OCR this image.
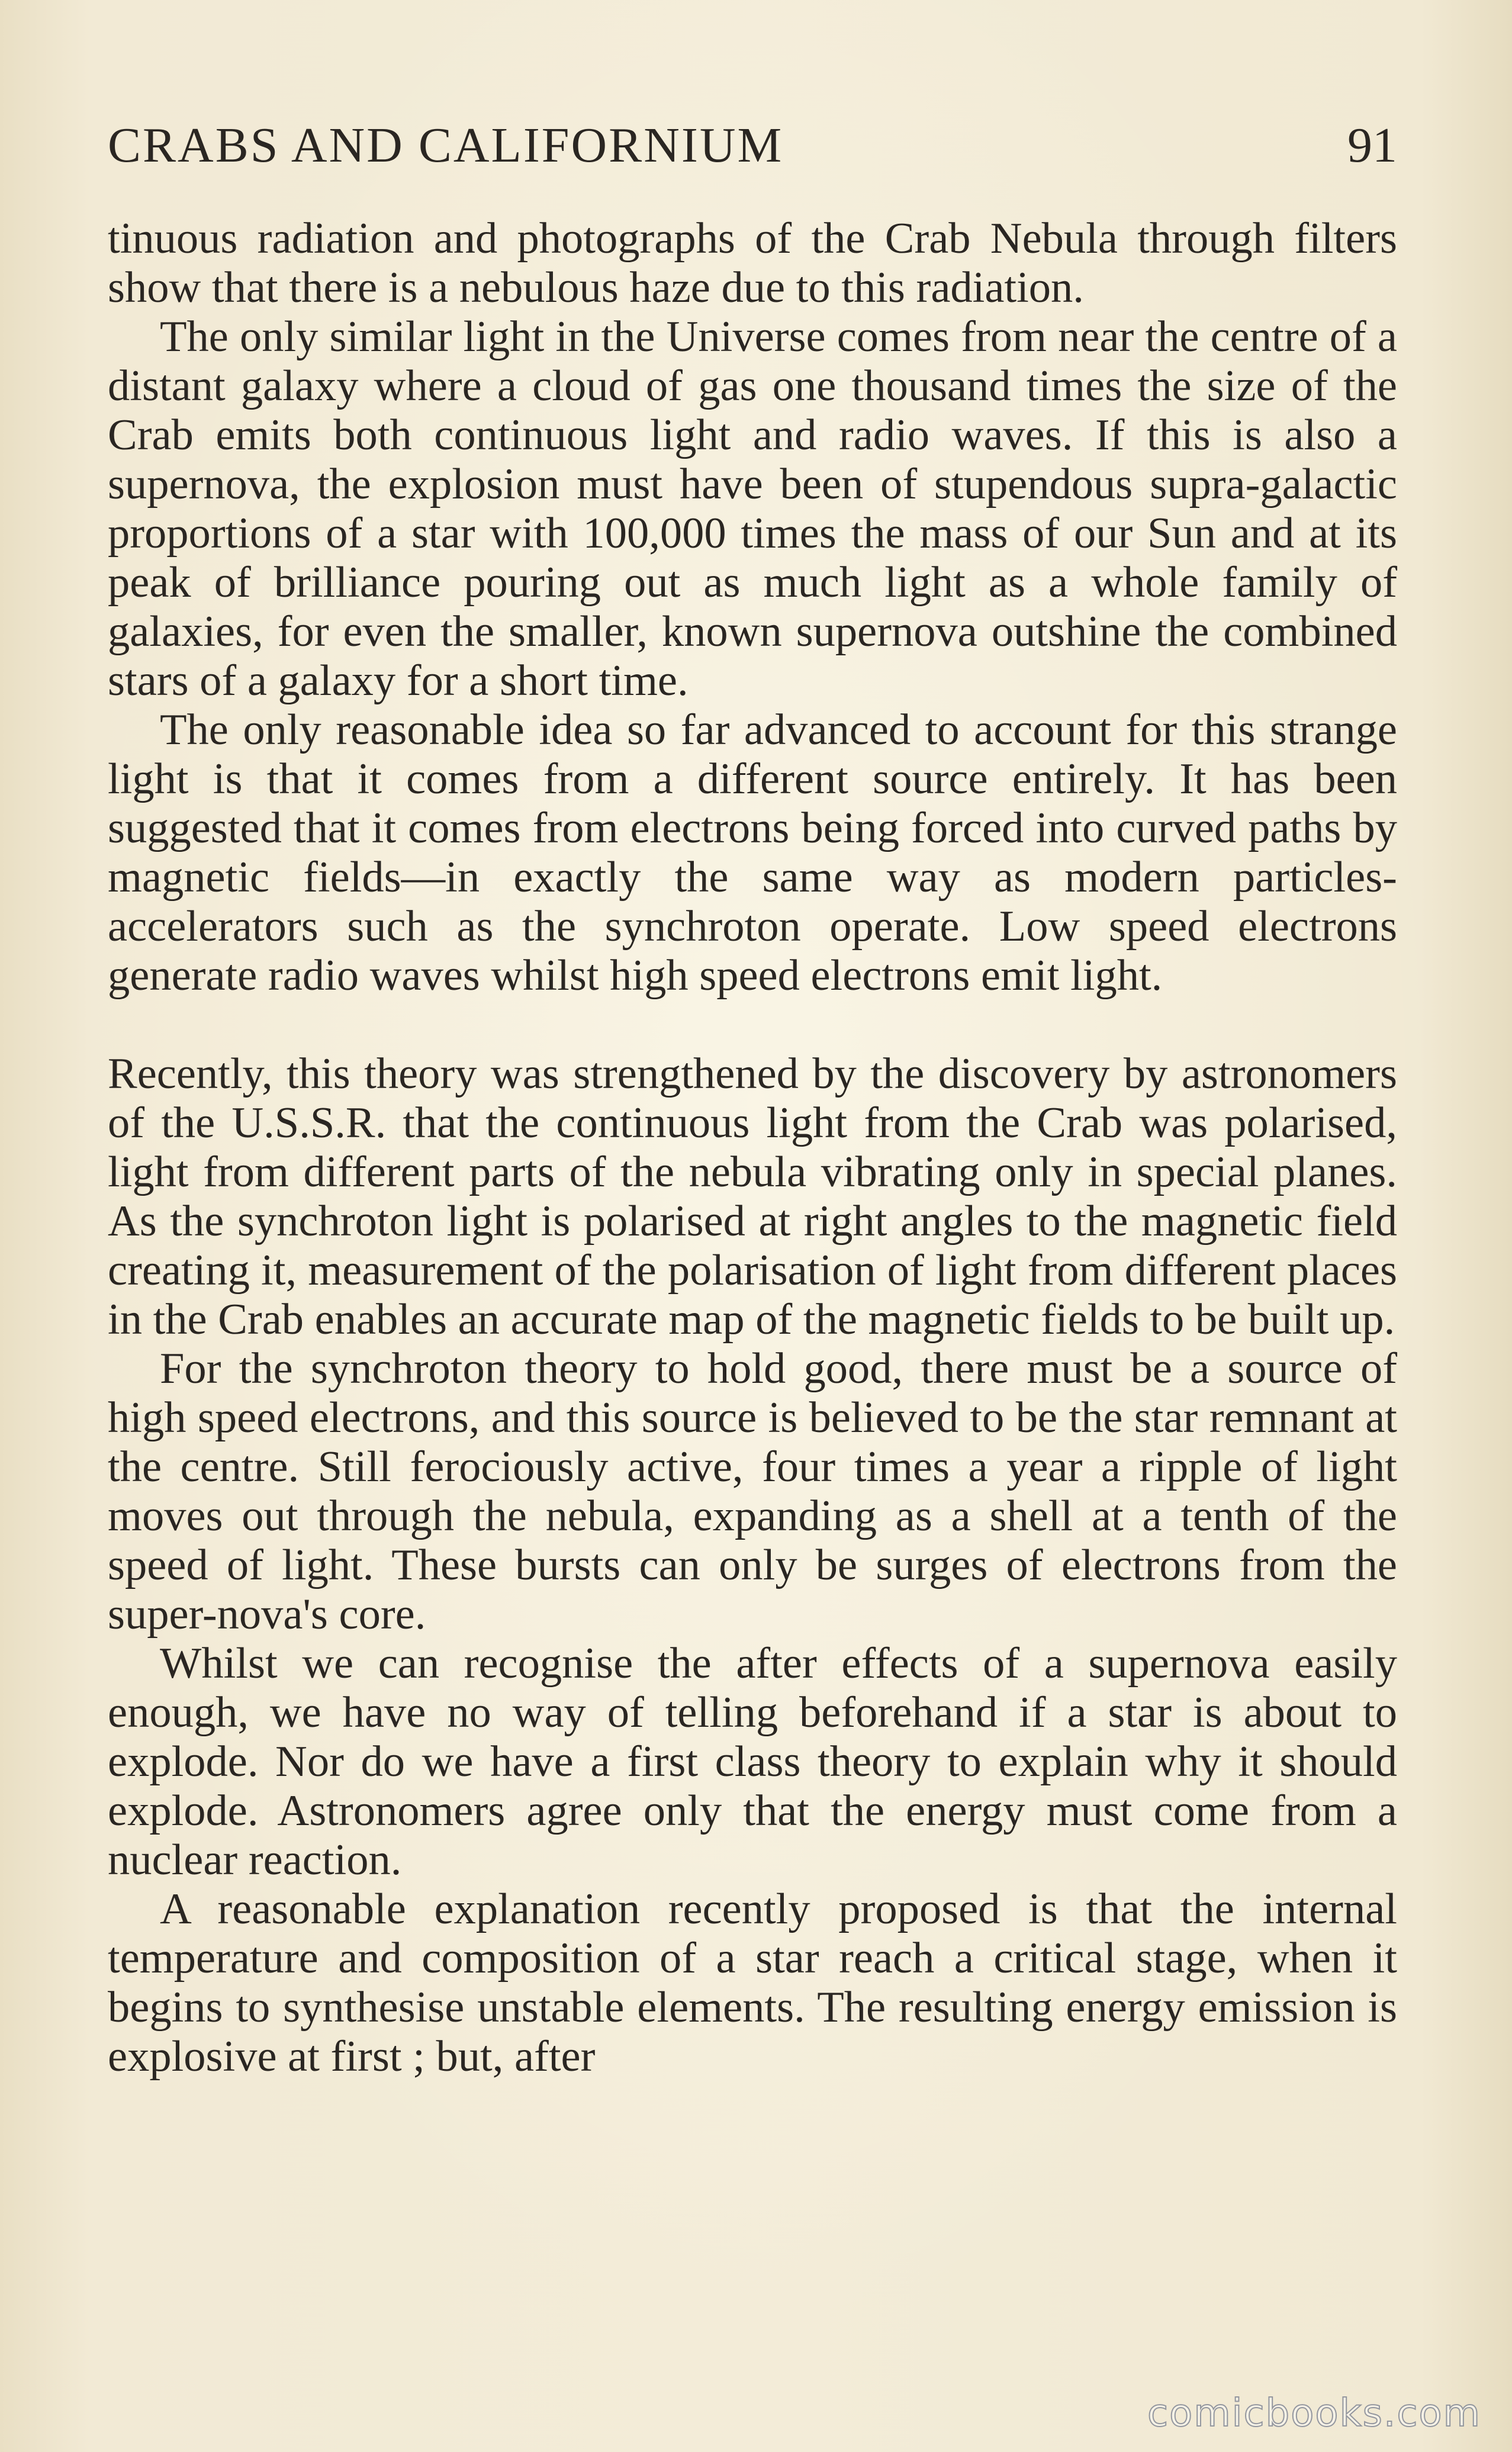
CRABS AND CALIFORNIUM	91

tinuous radiation and photographs of the Crab Nebula through filters show that there is a nebulous haze due to this radiation.

The only similar light in the Universe comes from near the centre of a distant galaxy where a cloud of gas one thousand times the size of the Crab emits both continuous light and radio waves. If this is also a supernova, the explosion must have been of stupendous supra-galactic proportions of a star with 100,000 times the mass of our Sun and at its peak of brilliance pouring out as much light as a whole family of galaxies, for even the smaller, known supernova outshine the combined stars of a galaxy for a short time.

The only reasonable idea so far advanced to account for this strange light is that it comes from a different source entirely. It has been suggested that it comes from electrons being forced into curved paths by magnetic fields—in exactly the same way as modern particles-accelerators such as the synchroton operate. Low speed electrons generate radio waves whilst high speed electrons emit light.

Recently, this theory was strengthened by the discovery by astronomers of the U.S.S.R. that the continuous light from the Crab was polarised, light from different parts of the nebula vibrating only in special planes. As the synchroton light is polarised at right angles to the magnetic field creating it, measurement of the polarisation of light from different places in the Crab enables an accurate map of the magnetic fields to be built up.

For the synchroton theory to hold good, there must be a source of high speed electrons, and this source is believed to be the star remnant at the centre. Still ferociously active, four times a year a ripple of light moves out through the nebula, expanding as a shell at a tenth of the speed of light. These bursts can only be surges of electrons from the super-nova's core.

Whilst we can recognise the after effects of a supernova easily enough, we have no way of telling beforehand if a star is about to explode. Nor do we have a first class theory to explain why it should explode. Astronomers agree only that the energy must come from a nuclear reaction.

A reasonable explanation recently proposed is that the internal temperature and composition of a star reach a critical stage, when it begins to synthesise unstable elements. The resulting energy emission is explosive at first ; but, after

comicbooks.com
